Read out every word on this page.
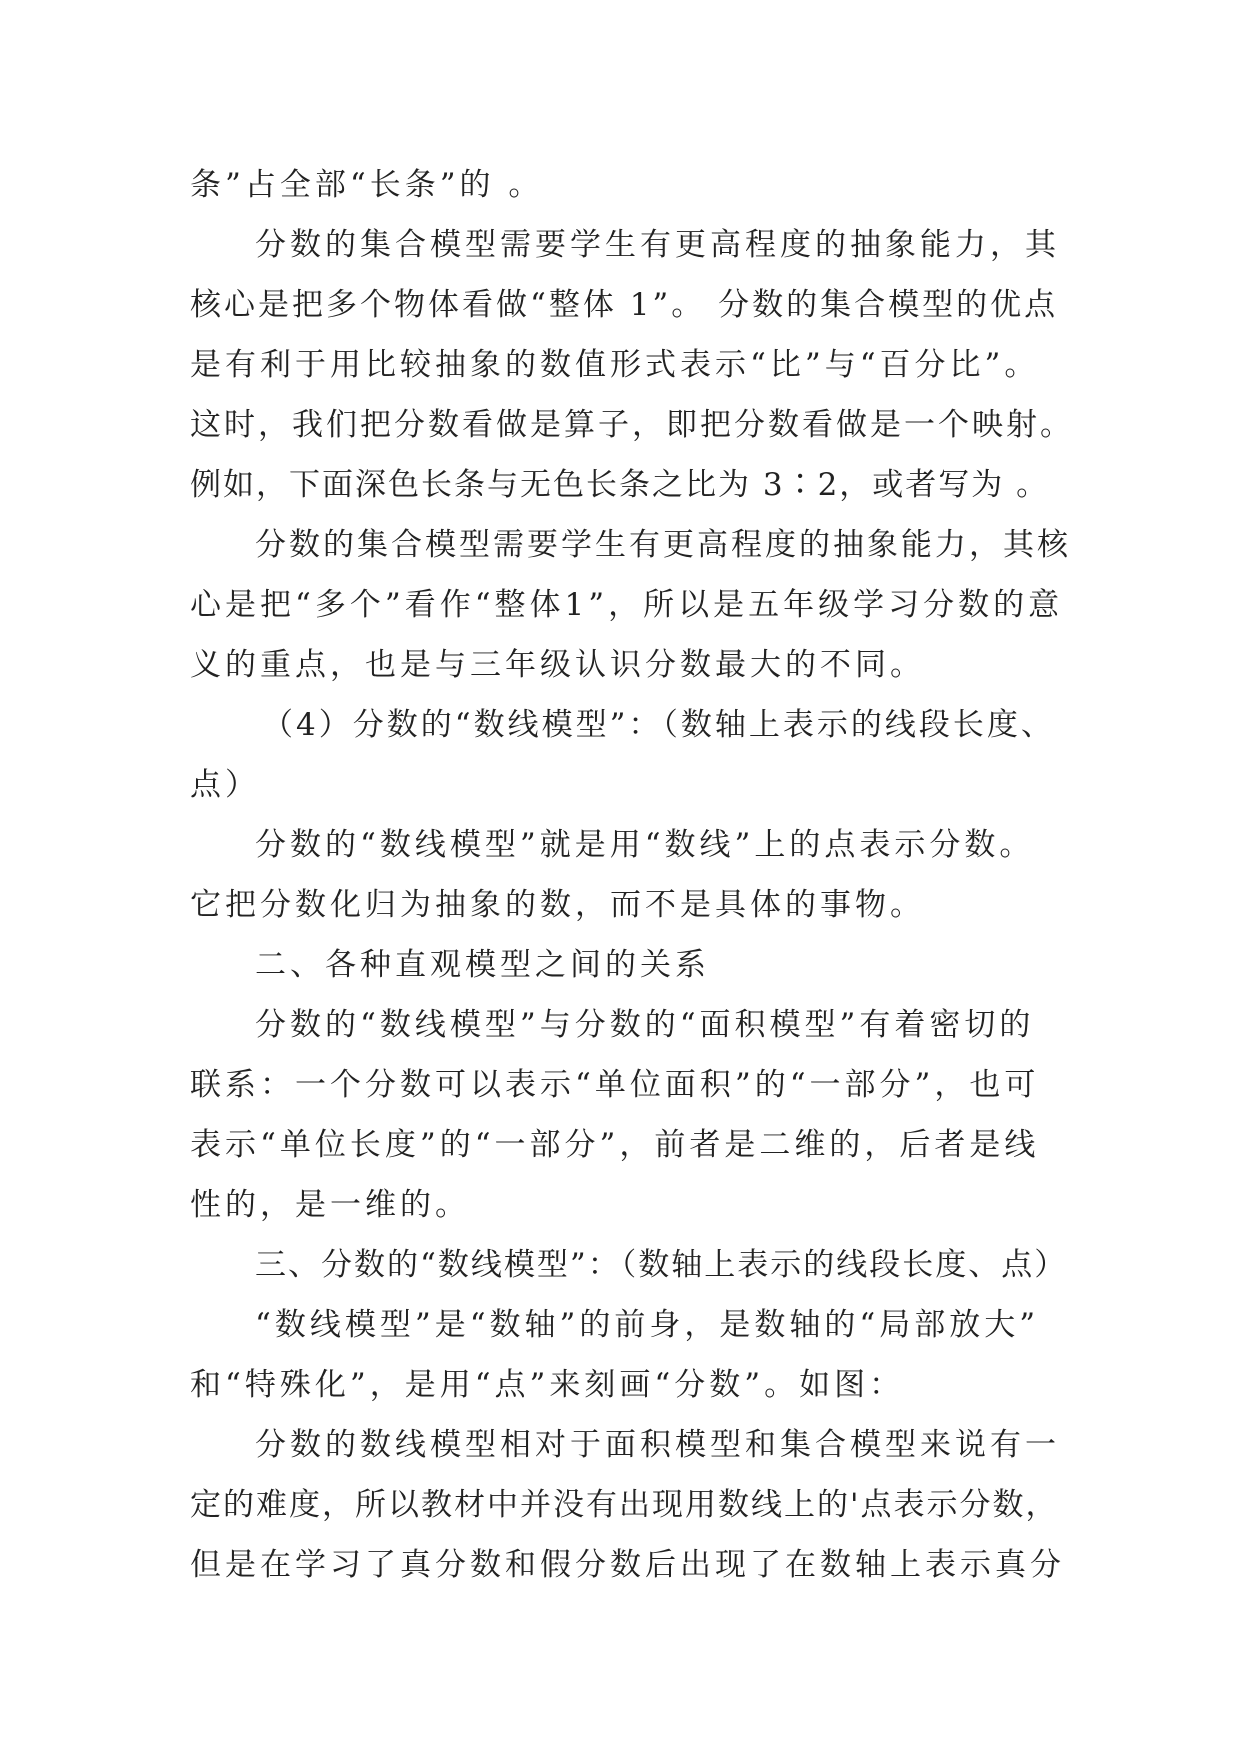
条”占全部“长条”的 。
分数的集合模型需要学生有更高程度的抽象能力，其
核心是把多个物体看做“整体 1”。 分数的集合模型的优点
是有利于用比较抽象的数值形式表示“比”与“百分比”。
这时，我们把分数看做是算子，即把分数看做是一个映射。
例如，下面深色长条与无色长条之比为 3∶2，或者写为 。
分数的集合模型需要学生有更高程度的抽象能力，其核
心是把“多个”看作“整体1”，所以是五年级学习分数的意
义的重点，也是与三年级认识分数最大的不同。
（4）分数的“数线模型”：（数轴上表示的线段长度、
点）
分数的“数线模型”就是用“数线”上的点表示分数。
它把分数化归为抽象的数，而不是具体的事物。
二、各种直观模型之间的关系
分数的“数线模型”与分数的“面积模型”有着密切的
联系：一个分数可以表示“单位面积”的“一部分”，也可
表示“单位长度”的“一部分”，前者是二维的，后者是线
性的，是一维的。
三、分数的“数线模型”：（数轴上表示的线段长度、点）
“数线模型”是“数轴”的前身，是数轴的“局部放大”
和“特殊化”，是用“点”来刻画“分数”。如图：
分数的数线模型相对于面积模型和集合模型来说有一
定的难度，所以教材中并没有出现用数线上的'点表示分数，
但是在学习了真分数和假分数后出现了在数轴上表示真分
